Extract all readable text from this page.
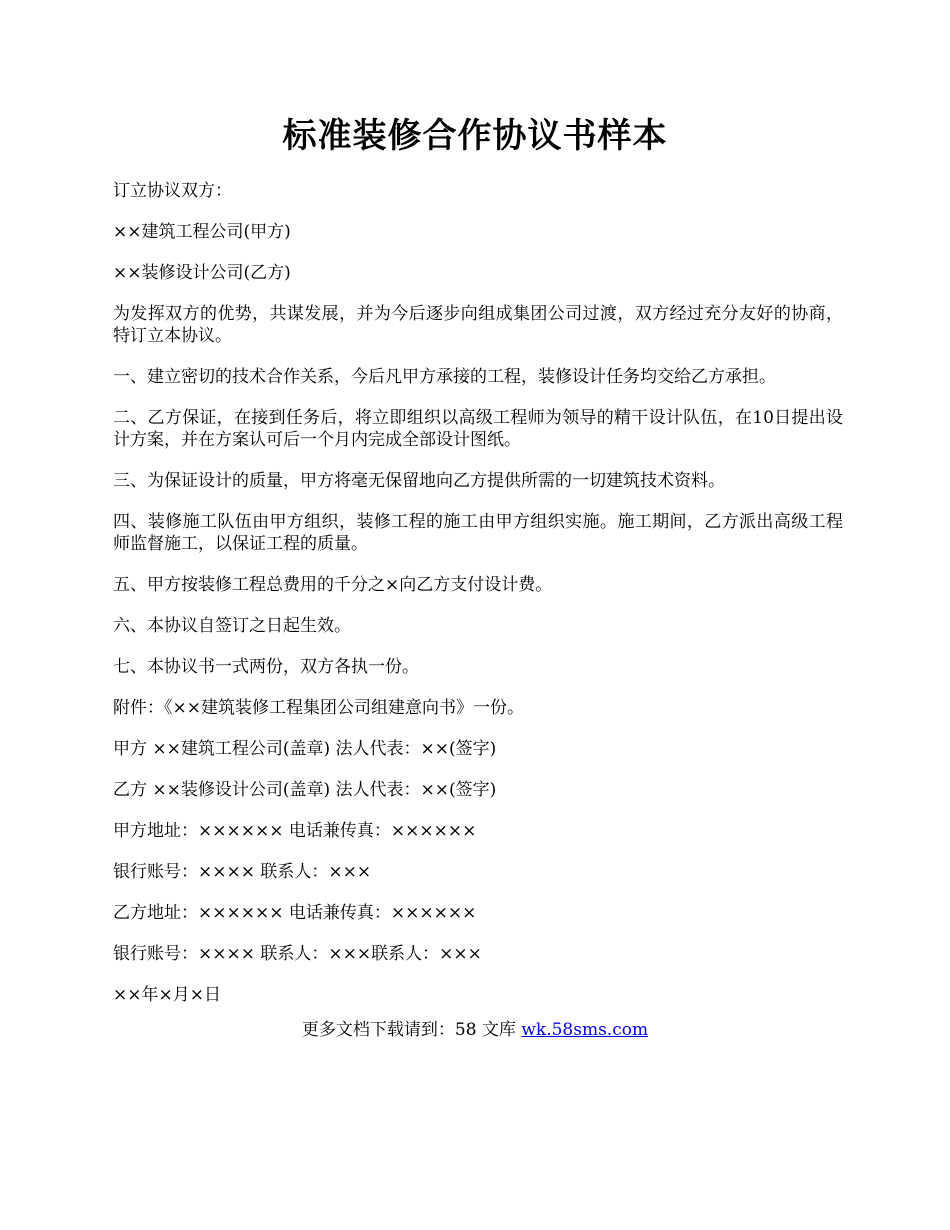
标准装修合作协议书样本

订立协议双方：

××建筑工程公司(甲方)

××装修设计公司(乙方)

为发挥双方的优势，共谋发展，并为今后逐步向组成集团公司过渡，双方经过充分友好的协商，特订立本协议。

一、建立密切的技术合作关系，今后凡甲方承接的工程，装修设计任务均交给乙方承担。

二、乙方保证，在接到任务后，将立即组织以高级工程师为领导的精干设计队伍，在10日提出设计方案，并在方案认可后一个月内完成全部设计图纸。

三、为保证设计的质量，甲方将毫无保留地向乙方提供所需的一切建筑技术资料。

四、装修施工队伍由甲方组织，装修工程的施工由甲方组织实施。施工期间，乙方派出高级工程师监督施工，以保证工程的质量。

五、甲方按装修工程总费用的千分之×向乙方支付设计费。

六、本协议自签订之日起生效。

七、本协议书一式两份，双方各执一份。

附件：《××建筑装修工程集团公司组建意向书》一份。

甲方 ××建筑工程公司(盖章) 法人代表：××(签字)

乙方 ××装修设计公司(盖章) 法人代表：××(签字)

甲方地址：×××××× 电话兼传真：××××××

银行账号：×××× 联系人：×××

乙方地址：×××××× 电话兼传真：××××××

银行账号：×××× 联系人：×××联系人：×××

××年×月×日

更多文档下载请到：58 文库 wk.58sms.com
